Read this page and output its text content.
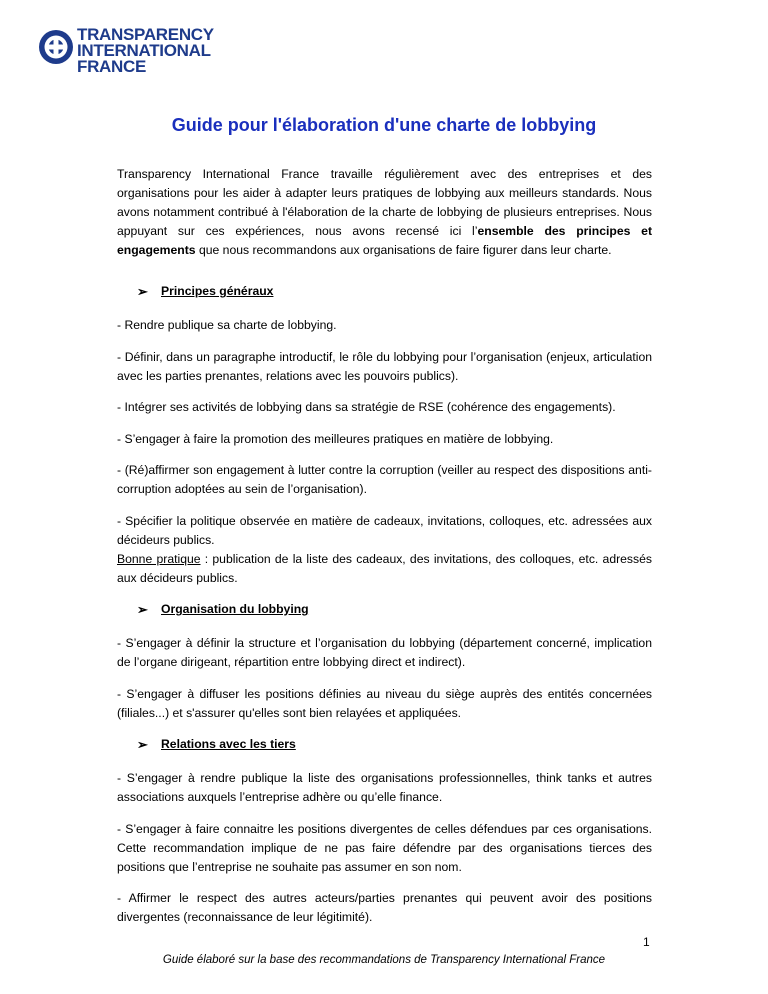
TRANSPARENCY
INTERNATIONAL
FRANCE
Guide pour l'élaboration d'une charte de lobbying

Transparency International France travaille régulièrement avec des entreprises et des organisations pour les aider à adapter leurs pratiques de lobbying aux meilleurs standards. Nous avons notamment contribué à l'élaboration de la charte de lobbying de plusieurs entreprises. Nous appuyant sur ces expériences, nous avons recensé ici l’ensemble des principes et engagements que nous recommandons aux organisations de faire figurer dans leur charte.

➢ Principes généraux

- Rendre publique sa charte de lobbying.

- Définir, dans un paragraphe introductif, le rôle du lobbying pour l’organisation (enjeux, articulation avec les parties prenantes, relations avec les pouvoirs publics).

- Intégrer ses activités de lobbying dans sa stratégie de RSE (cohérence des engagements).

- S’engager à faire la promotion des meilleures pratiques en matière de lobbying.

- (Ré)affirmer son engagement à lutter contre la corruption (veiller au respect des dispositions anti-corruption adoptées au sein de l’organisation).

- Spécifier la politique observée en matière de cadeaux, invitations, colloques, etc. adressées aux décideurs publics.
Bonne pratique : publication de la liste des cadeaux, des invitations, des colloques, etc. adressés aux décideurs publics.

➢ Organisation du lobbying

- S’engager à définir la structure et l’organisation du lobbying (département concerné, implication de l’organe dirigeant, répartition entre lobbying direct et indirect).

- S’engager à diffuser les positions définies au niveau du siège auprès des entités concernées (filiales...) et s'assurer qu'elles sont bien relayées et appliquées.

➢ Relations avec les tiers

- S’engager à rendre publique la liste des organisations professionnelles, think tanks et autres associations auxquels l’entreprise adhère ou qu’elle finance.

- S’engager à faire connaitre les positions divergentes de celles défendues par ces organisations. Cette recommandation implique de ne pas faire défendre par des organisations tierces des positions que l’entreprise ne souhaite pas assumer en son nom.

- Affirmer le respect des autres acteurs/parties prenantes qui peuvent avoir des positions divergentes (reconnaissance de leur légitimité).

1
Guide élaboré sur la base des recommandations de Transparency International France
